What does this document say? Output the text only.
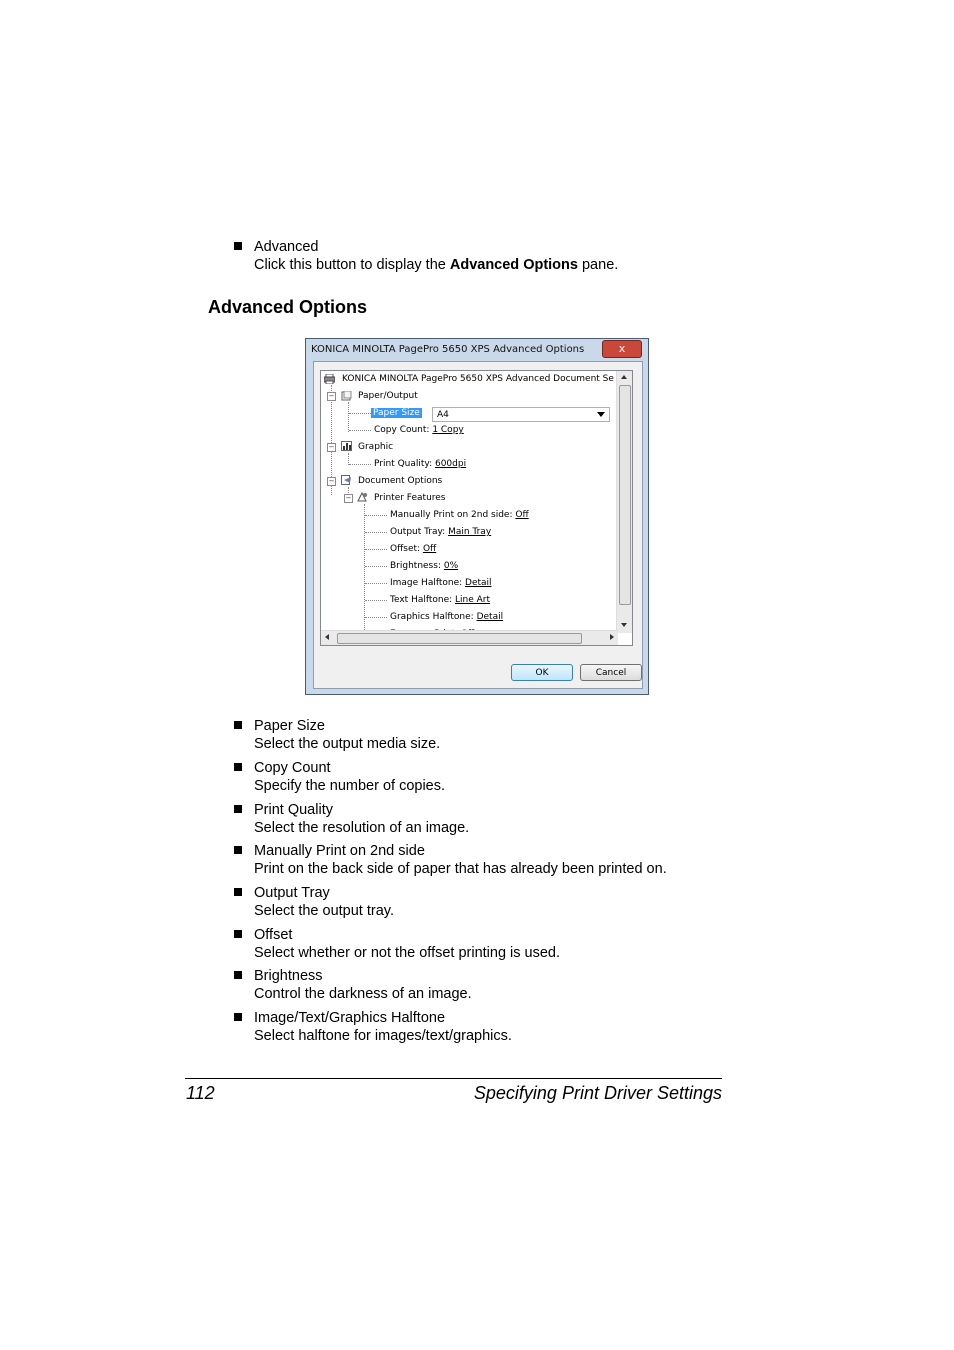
Advanced
Click this button to display the Advanced Options pane.
Advanced Options
KONICA MINOLTA PagePro 5650 XPS Advanced Options	x
KONICA MINOLTA PagePro 5650 XPS Advanced Document Se
−	Paper/Output
Paper Size A4
Copy Count: 1 Copy
−	Graphic
Print Quality: 600dpi
−	Document Options
−	Printer Features
Manually Print on 2nd side: Off
Output Tray: Main Tray
Offset: Off
Brightness: 0%
Image Halftone: Detail
Text Halftone: Line Art
Graphics Halftone: Detail
OK	Cancel
Paper Size
Select the output media size.
Copy Count
Specify the number of copies.
Print Quality
Select the resolution of an image.
Manually Print on 2nd side
Print on the back side of paper that has already been printed on.
Output Tray
Select the output tray.
Offset
Select whether or not the offset printing is used.
Brightness
Control the darkness of an image.
Image/Text/Graphics Halftone
Select halftone for images/text/graphics.
112	Specifying Print Driver Settings
